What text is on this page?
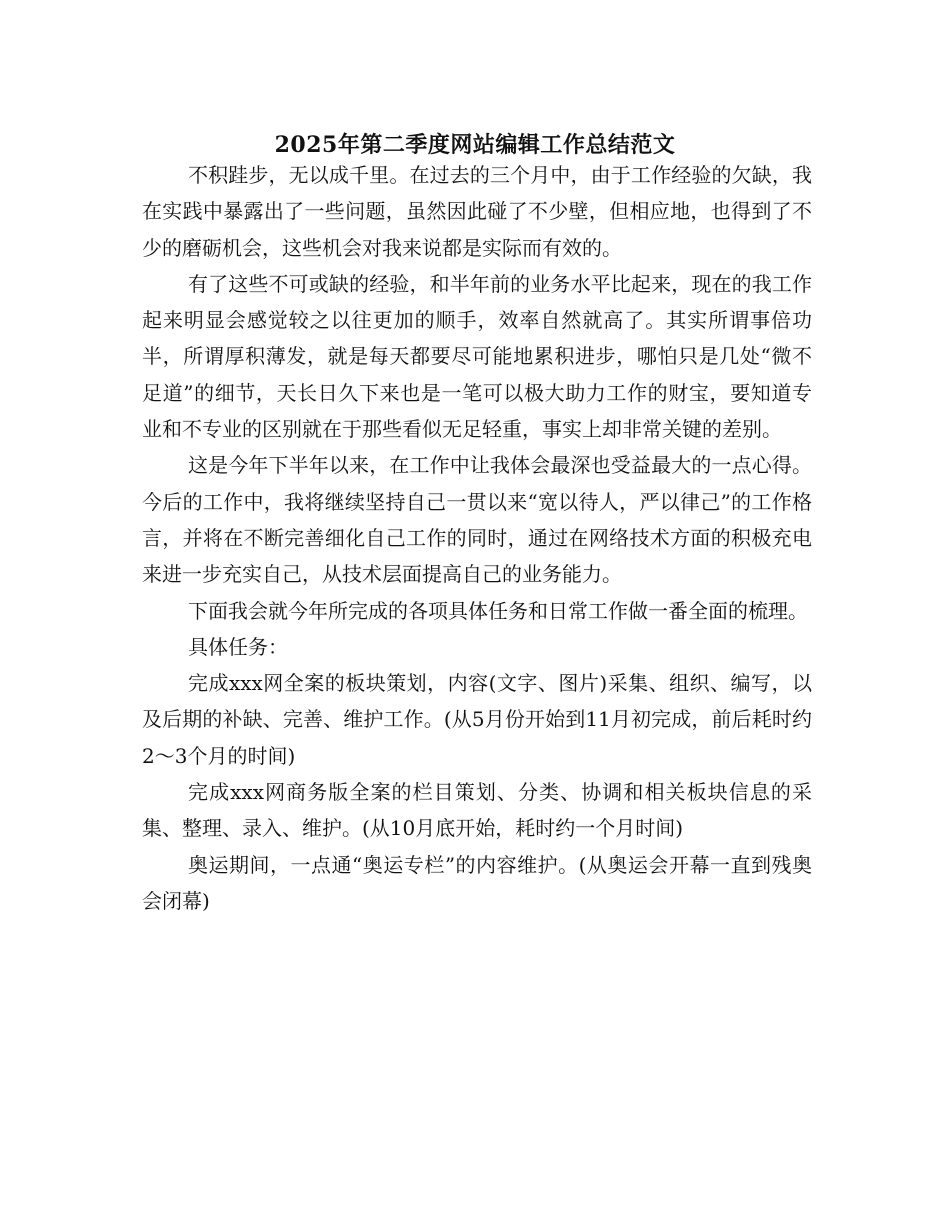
2025年第二季度网站编辑工作总结范文

不积跬步，无以成千里。在过去的三个月中，由于工作经验的欠缺，我在实践中暴露出了一些问题，虽然因此碰了不少壁，但相应地，也得到了不少的磨砺机会，这些机会对我来说都是实际而有效的。

有了这些不可或缺的经验，和半年前的业务水平比起来，现在的我工作起来明显会感觉较之以往更加的顺手，效率自然就高了。其实所谓事倍功半，所谓厚积薄发，就是每天都要尽可能地累积进步，哪怕只是几处“微不足道”的细节，天长日久下来也是一笔可以极大助力工作的财宝，要知道专业和不专业的区别就在于那些看似无足轻重，事实上却非常关键的差别。

这是今年下半年以来，在工作中让我体会最深也受益最大的一点心得。今后的工作中，我将继续坚持自己一贯以来“宽以待人，严以律己”的工作格言，并将在不断完善细化自己工作的同时，通过在网络技术方面的积极充电来进一步充实自己，从技术层面提高自己的业务能力。

下面我会就今年所完成的各项具体任务和日常工作做一番全面的梳理。

具体任务：

完成xxx网全案的板块策划，内容(文字、图片)采集、组织、编写，以及后期的补缺、完善、维护工作。(从5月份开始到11月初完成，前后耗时约2～3个月的时间)

完成xxx网商务版全案的栏目策划、分类、协调和相关板块信息的采集、整理、录入、维护。(从10月底开始，耗时约一个月时间)

奥运期间，一点通“奥运专栏”的内容维护。(从奥运会开幕一直到残奥会闭幕)
